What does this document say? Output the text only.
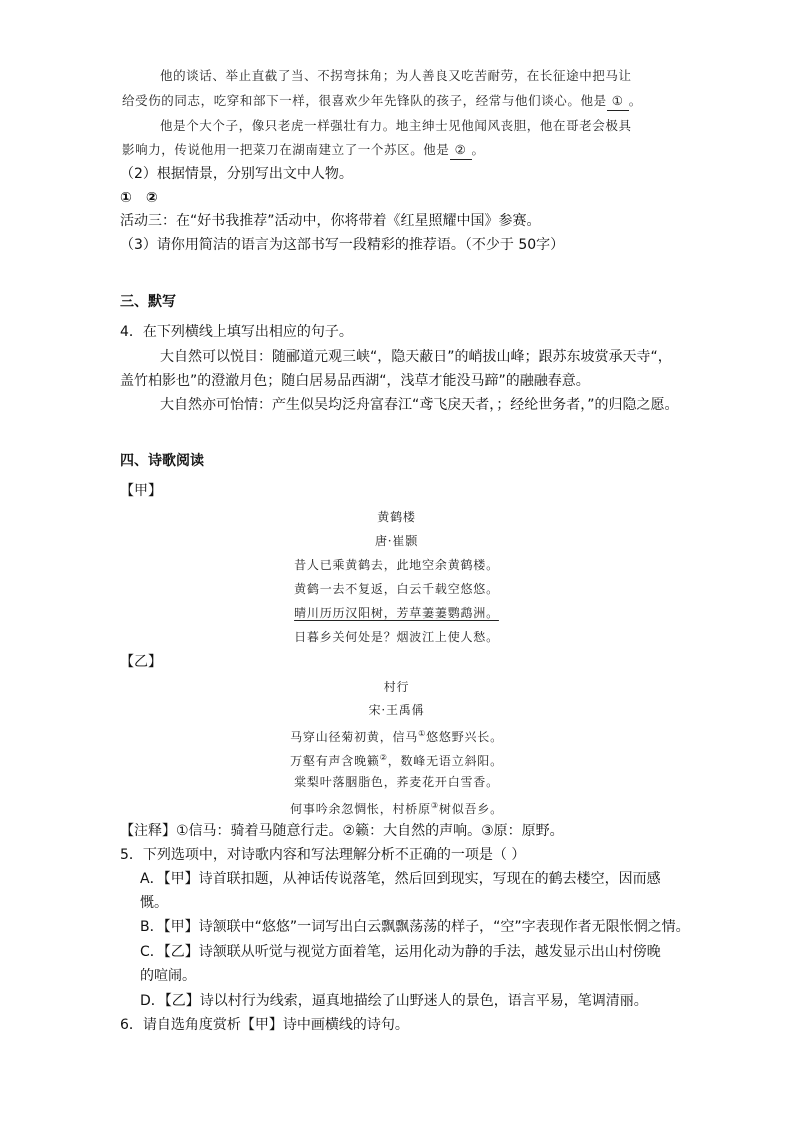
他的谈话、举止直截了当、不拐弯抹角；为人善良又吃苦耐劳，在长征途中把马让
给受伤的同志，吃穿和部下一样，很喜欢少年先锋队的孩子，经常与他们谈心。他是 ① 。
他是个大个子，像只老虎一样强壮有力。地主绅士见他闻风丧胆，他在哥老会极具
影响力，传说他用一把菜刀在湖南建立了一个苏区。他是 ② 。
（2）根据情景，分别写出文中人物。
①　②
活动三：在“好书我推荐”活动中，你将带着《红星照耀中国》参赛。
（3）请你用简洁的语言为这部书写一段精彩的推荐语。（不少于 50字）
三、默写
4．在下列横线上填写出相应的句子。
大自然可以悦目：随郦道元观三峡“，隐天蔽日”的峭拔山峰；跟苏东坡赏承天寺“，
盖竹柏影也”的澄澈月色；随白居易品西湖“，浅草才能没马蹄”的融融春意。
大自然亦可怡情：产生似吴均泛舟富春江“鸢飞戾天者，；经纶世务者，”的归隐之愿。
四、诗歌阅读
【甲】
黄鹤楼
唐·崔颢
昔人已乘黄鹤去，此地空余黄鹤楼。
黄鹤一去不复返，白云千载空悠悠。
晴川历历汉阳树，芳草萋萋鹦鹉洲。
日暮乡关何处是？烟波江上使人愁。
【乙】
村行
宋·王禹偁
马穿山径菊初黄，信马①悠悠野兴长。
万壑有声含晚籁②，数峰无语立斜阳。
棠梨叶落胭脂色，荞麦花开白雪香。
何事吟余忽惆怅，村桥原③树似吾乡。
【注释】①信马：骑着马随意行走。②籁：大自然的声响。③原：原野。
5．下列选项中，对诗歌内容和写法理解分析不正确的一项是（ ）
A．【甲】诗首联扣题，从神话传说落笔，然后回到现实，写现在的鹤去楼空，因而感
慨。
B．【甲】诗颔联中“悠悠”一词写出白云飘飘荡荡的样子，“空”字表现作者无限怅惘之情。
C．【乙】诗颔联从听觉与视觉方面着笔，运用化动为静的手法，越发显示出山村傍晚
的喧闹。
D．【乙】诗以村行为线索，逼真地描绘了山野迷人的景色，语言平易，笔调清丽。
6．请自选角度赏析【甲】诗中画横线的诗句。
